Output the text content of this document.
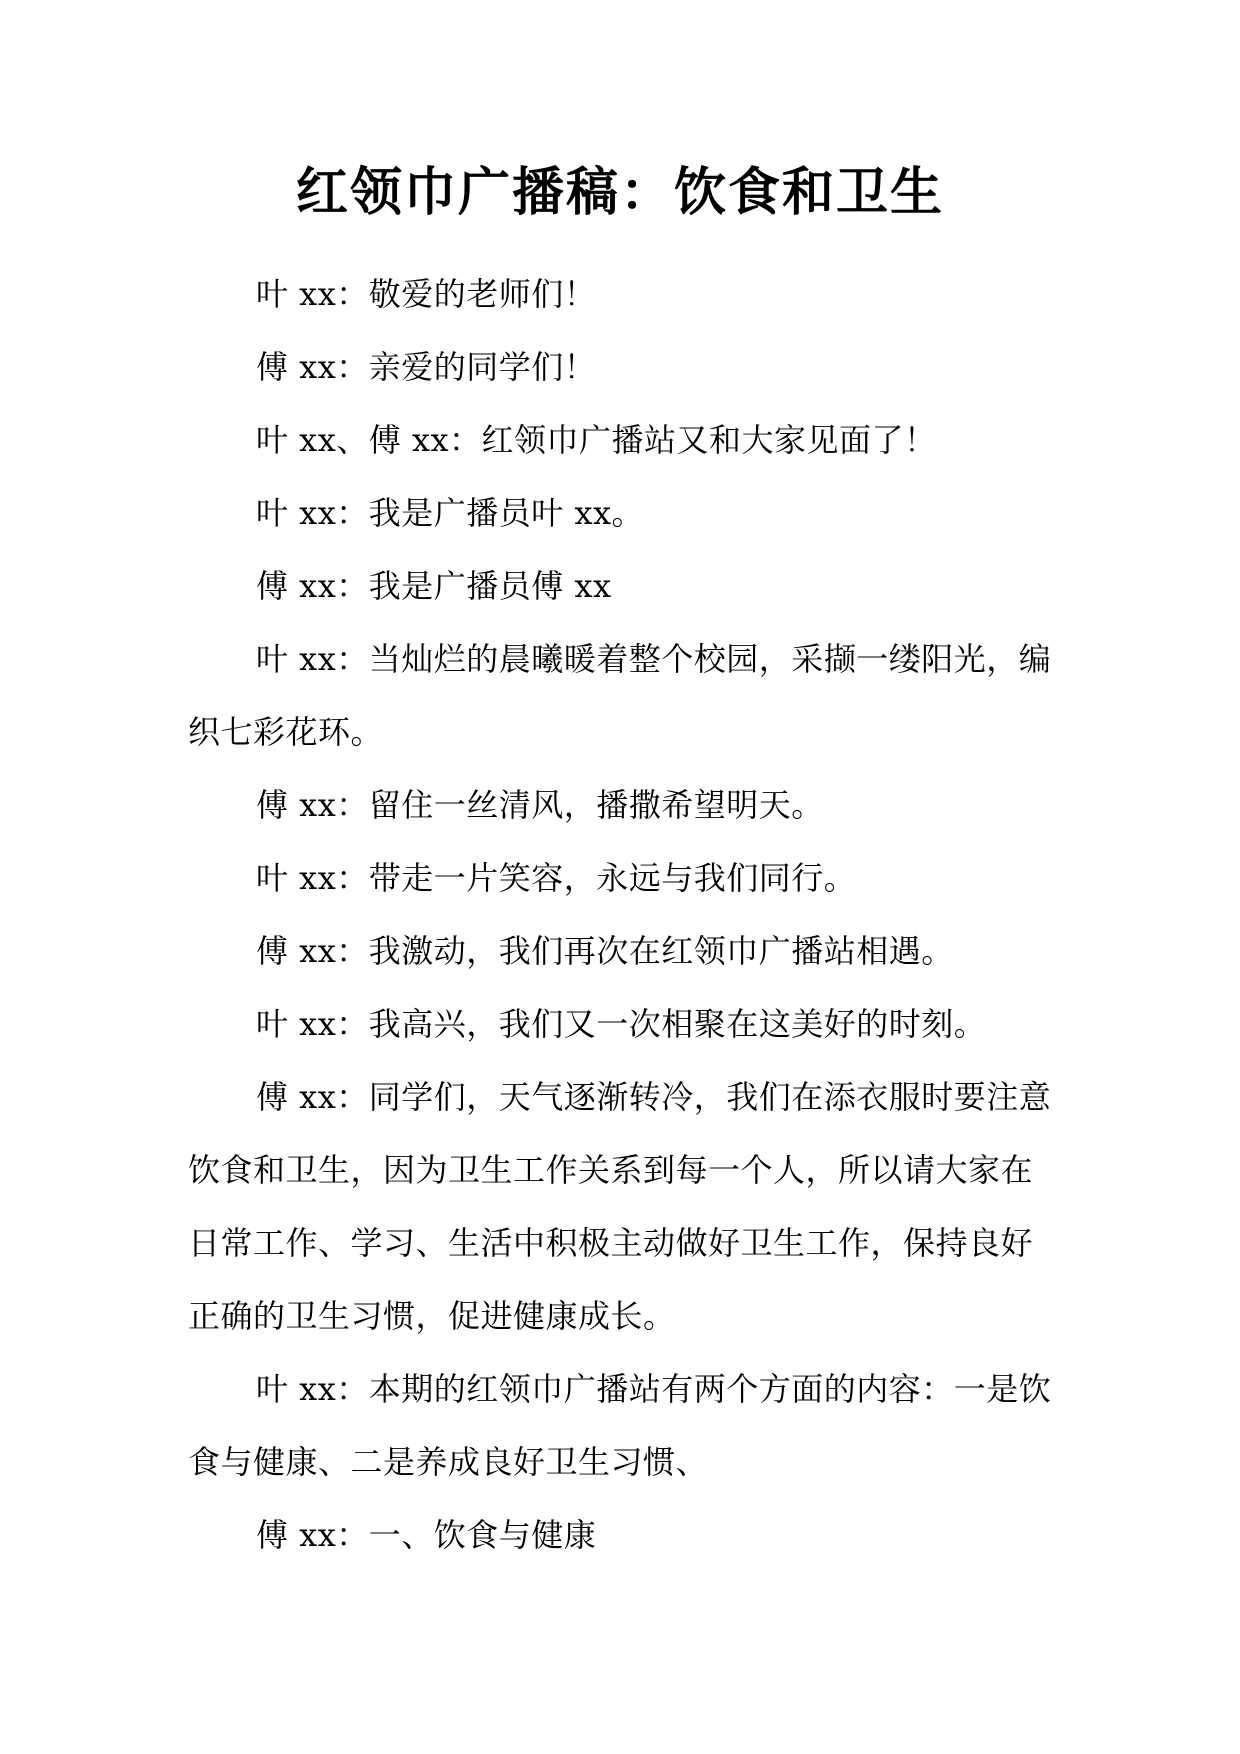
红领巾广播稿：饮食和卫生

叶 xx：敬爱的老师们！

傅 xx：亲爱的同学们！

叶 xx、傅 xx：红领巾广播站又和大家见面了！

叶 xx：我是广播员叶 xx。

傅 xx：我是广播员傅 xx

叶 xx：当灿烂的晨曦暖着整个校园，采撷一缕阳光，编织七彩花环。

傅 xx：留住一丝清风，播撒希望明天。

叶 xx：带走一片笑容，永远与我们同行。

傅 xx：我激动，我们再次在红领巾广播站相遇。

叶 xx：我高兴，我们又一次相聚在这美好的时刻。

傅 xx：同学们，天气逐渐转冷，我们在添衣服时要注意饮食和卫生，因为卫生工作关系到每一个人，所以请大家在日常工作、学习、生活中积极主动做好卫生工作，保持良好正确的卫生习惯，促进健康成长。

叶 xx：本期的红领巾广播站有两个方面的内容：一是饮食与健康、二是养成良好卫生习惯、

傅 xx：一、饮食与健康
